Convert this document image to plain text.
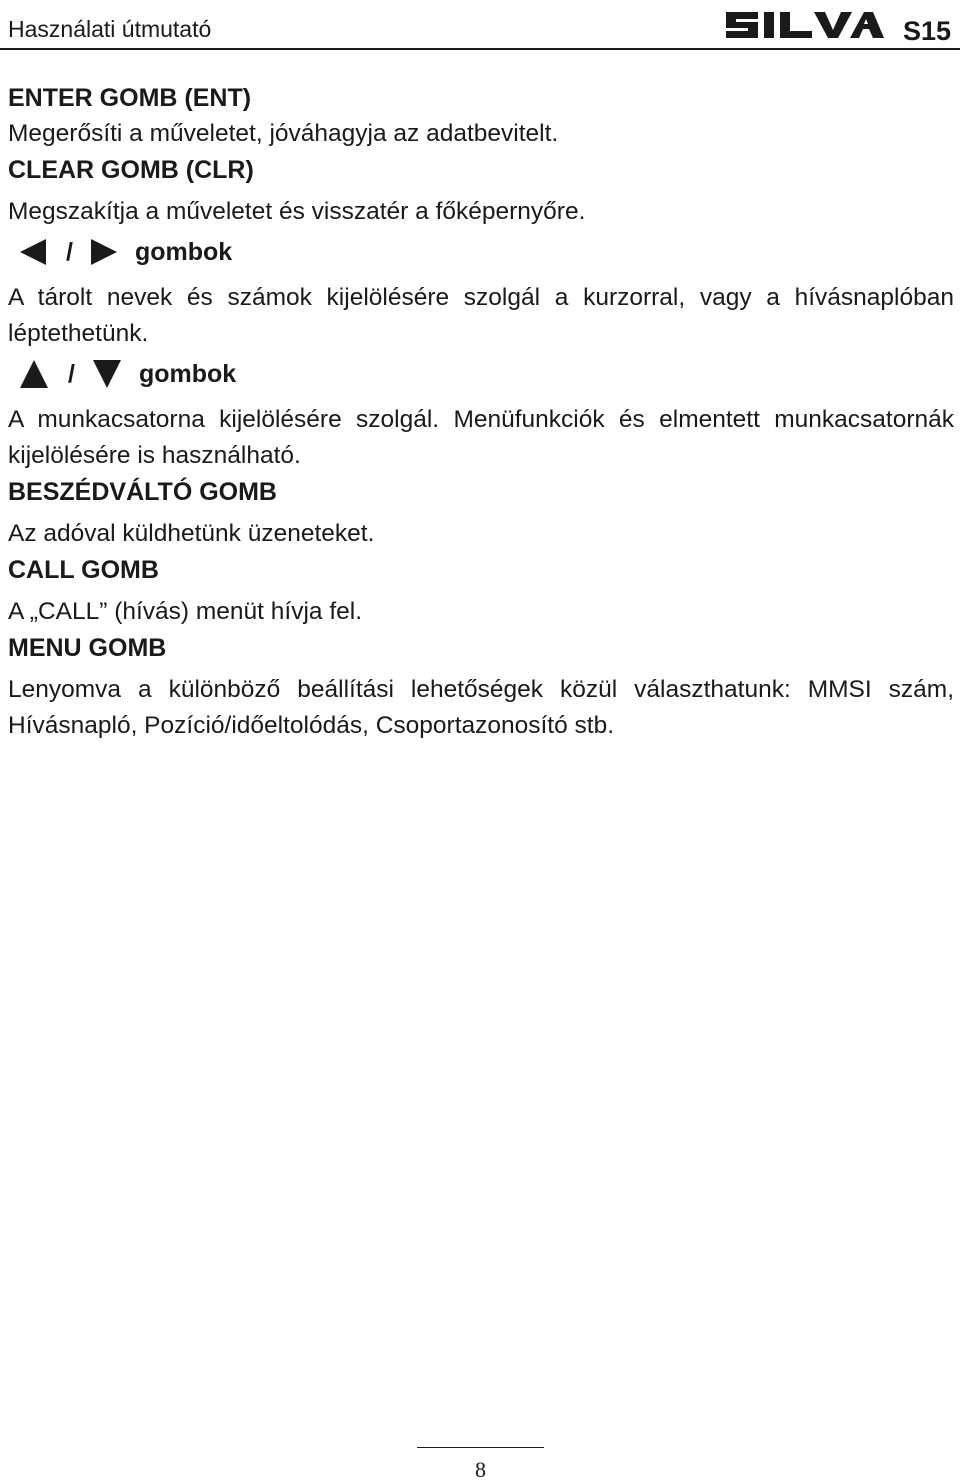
Használati útmutató	S15

ENTER GOMB (ENT)

Megerősíti a műveletet, jóváhagyja az adatbevitelt.

CLEAR GOMB (CLR)

Megszakítja a műveletet és visszatér a főképernyőre.

/ gombok

A tárolt nevek és számok kijelölésére szolgál a kurzorral, vagy a hívásnaplóban léptethetünk.

/	gombok

A munkacsatorna kijelölésére szolgál. Menüfunkciók és elmentett munkacsatornák kijelölésére is használható.

BESZÉDVÁLTÓ GOMB

Az adóval küldhetünk üzeneteket.

CALL GOMB

A „CALL” (hívás) menüt hívja fel.

MENU GOMB

Lenyomva a különböző beállítási lehetőségek közül választhatunk: MMSI szám, Hívásnapló, Pozíció/időeltolódás, Csoportazonosító stb.

8
